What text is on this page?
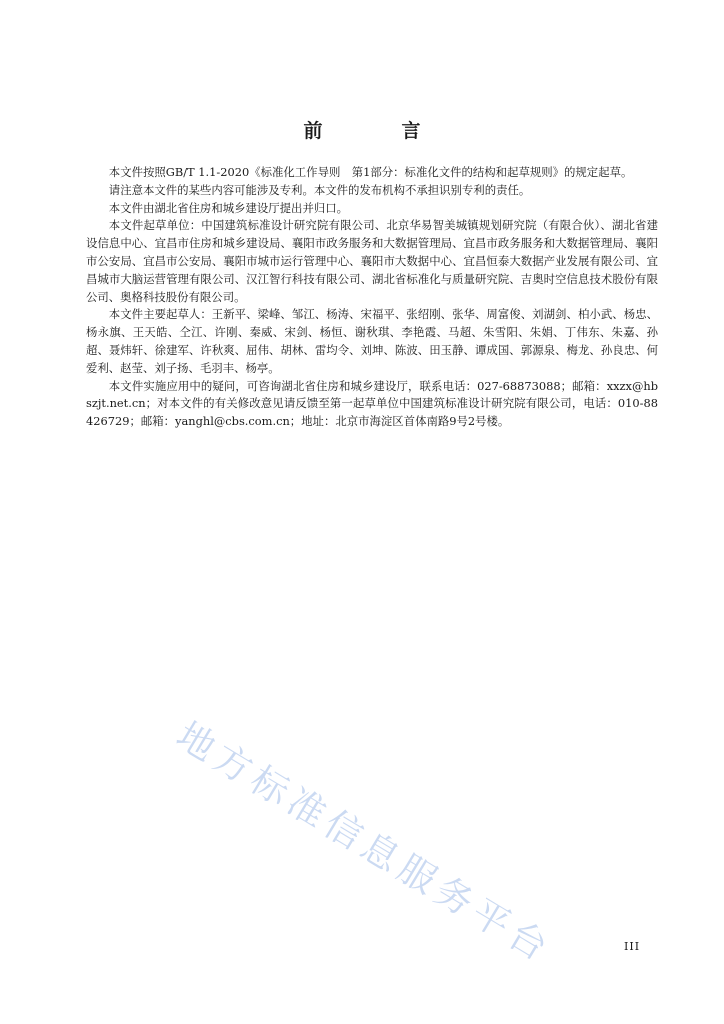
前　言

本文件按照GB/T 1.1-2020《标准化工作导则　第1部分：标准化文件的结构和起草规则》的规定起草。

请注意本文件的某些内容可能涉及专利。本文件的发布机构不承担识别专利的责任。

本文件由湖北省住房和城乡建设厅提出并归口。

本文件起草单位：中国建筑标准设计研究院有限公司、北京华易智美城镇规划研究院（有限合伙）、湖北省建设信息中心、宜昌市住房和城乡建设局、襄阳市政务服务和大数据管理局、宜昌市政务服务和大数据管理局、襄阳市公安局、宜昌市公安局、襄阳市城市运行管理中心、襄阳市大数据中心、宜昌恒泰大数据产业发展有限公司、宜昌城市大脑运营管理有限公司、汉江智行科技有限公司、湖北省标准化与质量研究院、吉奥时空信息技术股份有限公司、奥格科技股份有限公司。

本文件主要起草人：王新平、梁峰、邹江、杨涛、宋福平、张绍刚、张华、周富俊、刘湖剑、柏小武、杨忠、杨永旗、王天皓、仝江、许刚、秦威、宋剑、杨恒、谢秋琪、李艳霞、马超、朱雪阳、朱娟、丁伟东、朱嘉、孙超、聂炜轩、徐建军、许秋爽、屈伟、胡林、雷均令、刘坤、陈波、田玉静、谭成国、郭源泉、梅龙、孙良忠、何爱利、赵莹、刘子扬、毛羽丰、杨亭。

本文件实施应用中的疑问，可咨询湖北省住房和城乡建设厅，联系电话：027-68873088；邮箱：xxzx@hbszjt.net.cn；对本文件的有关修改意见请反馈至第一起草单位中国建筑标准设计研究院有限公司，电话：010-88426729；邮箱：yanghl@cbs.com.cn；地址：北京市海淀区首体南路9号2号楼。

地方标准信息服务平台	III
